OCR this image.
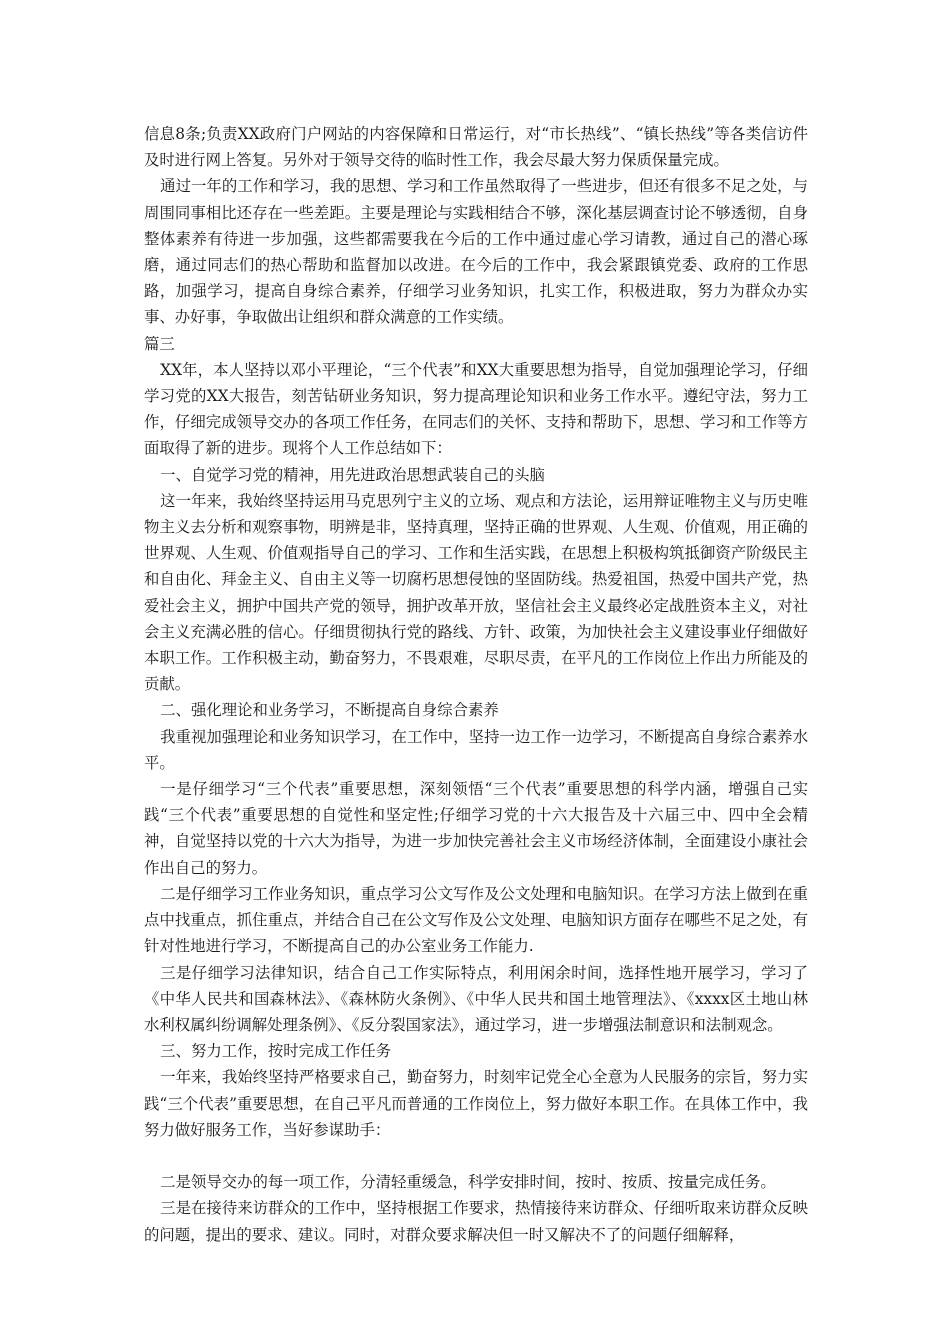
信息8条;负责XX政府门户网站的内容保障和日常运行，对“市长热线”、“镇长热线”等各类信访件及时进行网上答复。另外对于领导交待的临时性工作，我会尽最大努力保质保量完成。

通过一年的工作和学习，我的思想、学习和工作虽然取得了一些进步，但还有很多不足之处，与周围同事相比还存在一些差距。主要是理论与实践相结合不够，深化基层调查讨论不够透彻，自身整体素养有待进一步加强，这些都需要我在今后的工作中通过虚心学习请教，通过自己的潜心琢磨，通过同志们的热心帮助和监督加以改进。在今后的工作中，我会紧跟镇党委、政府的工作思路，加强学习，提高自身综合素养，仔细学习业务知识，扎实工作，积极进取，努力为群众办实事、办好事，争取做出让组织和群众满意的工作实绩。

篇三

XX年，本人坚持以邓小平理论，“三个代表”和XX大重要思想为指导，自觉加强理论学习，仔细学习党的XX大报告，刻苦钻研业务知识，努力提高理论知识和业务工作水平。遵纪守法，努力工作，仔细完成领导交办的各项工作任务，在同志们的关怀、支持和帮助下，思想、学习和工作等方面取得了新的进步。现将个人工作总结如下：

一、自觉学习党的精神，用先进政治思想武装自己的头脑

这一年来，我始终坚持运用马克思列宁主义的立场、观点和方法论，运用辩证唯物主义与历史唯物主义去分析和观察事物，明辨是非，坚持真理，坚持正确的世界观、人生观、价值观，用正确的世界观、人生观、价值观指导自己的学习、工作和生活实践，在思想上积极构筑抵御资产阶级民主和自由化、拜金主义、自由主义等一切腐朽思想侵蚀的坚固防线。热爱祖国，热爱中国共产党，热爱社会主义，拥护中国共产党的领导，拥护改革开放，坚信社会主义最终必定战胜资本主义，对社会主义充满必胜的信心。仔细贯彻执行党的路线、方针、政策，为加快社会主义建设事业仔细做好本职工作。工作积极主动，勤奋努力，不畏艰难，尽职尽责，在平凡的工作岗位上作出力所能及的贡献。

二、强化理论和业务学习，不断提高自身综合素养

我重视加强理论和业务知识学习，在工作中，坚持一边工作一边学习，不断提高自身综合素养水平。

一是仔细学习“三个代表”重要思想，深刻领悟“三个代表”重要思想的科学内涵，增强自己实践“三个代表”重要思想的自觉性和坚定性;仔细学习党的十六大报告及十六届三中、四中全会精神，自觉坚持以党的十六大为指导，为进一步加快完善社会主义市场经济体制，全面建设小康社会作出自己的努力。

二是仔细学习工作业务知识，重点学习公文写作及公文处理和电脑知识。在学习方法上做到在重点中找重点，抓住重点，并结合自己在公文写作及公文处理、电脑知识方面存在哪些不足之处，有针对性地进行学习，不断提高自己的办公室业务工作能力.

三是仔细学习法律知识，结合自己工作实际特点，利用闲余时间，选择性地开展学习，学习了《中华人民共和国森林法》、《森林防火条例》、《中华人民共和国土地管理法》、《xxxx区土地山林水利权属纠纷调解处理条例》、《反分裂国家法》，通过学习，进一步增强法制意识和法制观念。

三、努力工作，按时完成工作任务

一年来，我始终坚持严格要求自己，勤奋努力，时刻牢记党全心全意为人民服务的宗旨，努力实践“三个代表”重要思想，在自己平凡而普通的工作岗位上，努力做好本职工作。在具体工作中，我努力做好服务工作，当好参谋助手：

二是领导交办的每一项工作，分清轻重缓急，科学安排时间，按时、按质、按量完成任务。

三是在接待来访群众的工作中，坚持根据工作要求，热情接待来访群众、仔细听取来访群众反映的问题，提出的要求、建议。同时，对群众要求解决但一时又解决不了的问题仔细解释，
